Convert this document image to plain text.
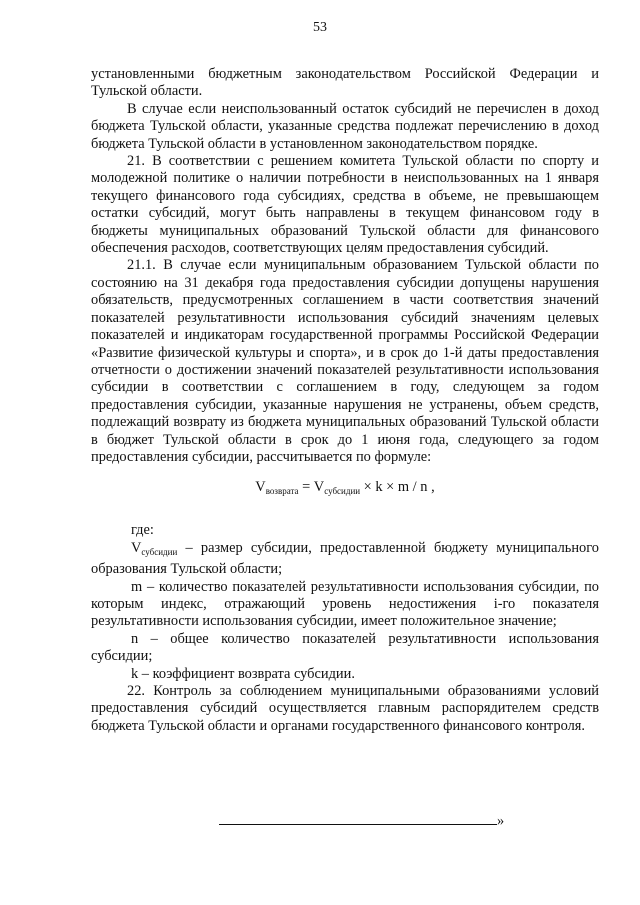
53

установленными бюджетным законодательством Российской Федерации и Тульской области.

В случае если неиспользованный остаток субсидий не перечислен в доход бюджета Тульской области, указанные средства подлежат перечислению в доход бюджета Тульской области в установленном законодательством порядке.

21. В соответствии с решением комитета Тульской области по спорту и молодежной политике о наличии потребности в неиспользованных на 1 января текущего финансового года субсидиях, средства в объеме, не превышающем остатки субсидий, могут быть направлены в текущем финансовом году в бюджеты муниципальных образований Тульской области для финансового обеспечения расходов, соответствующих целям предоставления субсидий.

21.1. В случае если муниципальным образованием Тульской области по состоянию на 31 декабря года предоставления субсидии допущены нарушения обязательств, предусмотренных соглашением в части соответствия значений показателей результативности использования субсидий значениям целевых показателей и индикаторам государственной программы Российской Федерации «Развитие физической культуры и спорта», и в срок до 1-й даты предоставления отчетности о достижении значений показателей результативности использования субсидии в соответствии с соглашением в году, следующем за годом предоставления субсидии, указанные нарушения не устранены, объем средств, подлежащий возврату из бюджета муниципальных образований Тульской области в бюджет Тульской области в срок до 1 июня года, следующего за годом предоставления субсидии, рассчитывается по формуле:

$V_{возврата} = V_{субсидии} \times k \times m / n$ ,

где:

$V_{субсидии}$ – размер субсидии, предоставленной бюджету муниципального образования Тульской области;

m – количество показателей результативности использования субсидии, по которым индекс, отражающий уровень недостижения i-го показателя результативности использования субсидии, имеет положительное значение;

n – общее количество показателей результативности использования субсидии;

k – коэффициент возврата субсидии.

22. Контроль за соблюдением муниципальными образованиями условий предоставления субсидий осуществляется главным распорядителем средств бюджета Тульской области и органами государственного финансового контроля.

»
